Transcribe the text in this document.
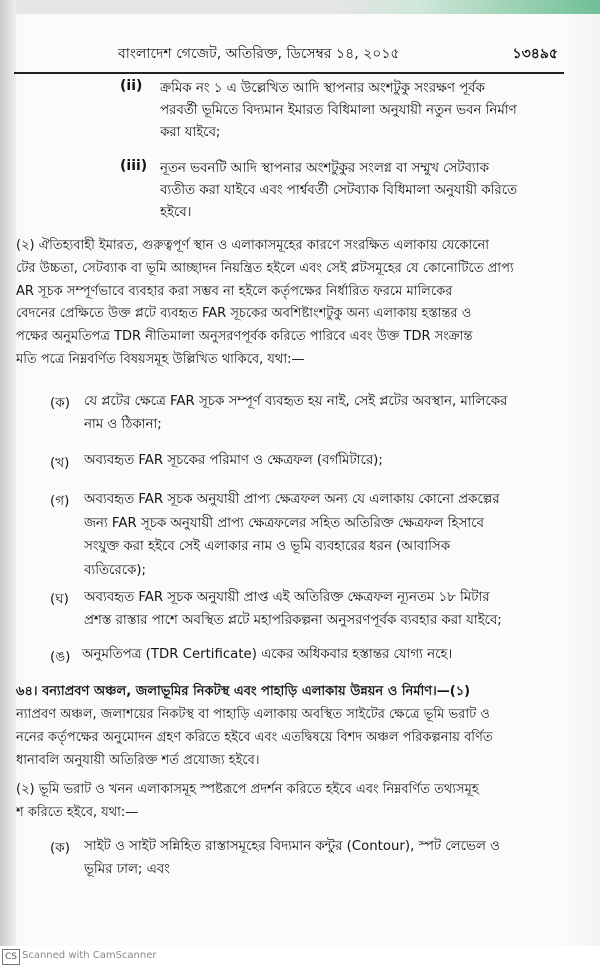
বাংলাদেশ গেজেট, অতিরিক্ত, ডিসেম্বর ১৪, ২০১৫	১৩৪৯৫
(ii) ক্রমিক নং ১ এ উল্লেখিত আদি স্থাপনার অংশটুকু সংরক্ষণ পূর্বক
পরবর্তী ভূমিতে বিদ্যমান ইমারত বিধিমালা অনুযায়ী নতুন ভবন নির্মাণ
করা যাইবে;
(iii) নূতন ভবনটি আদি স্থাপনার অংশটুকুর সংলগ্ন বা সম্মুখ সেটব্যাক
ব্যতীত করা যাইবে এবং পার্শ্ববর্তী সেটব্যাক বিধিমালা অনুযায়ী করিতে
হইবে।
(২) ঐতিহ্যবাহী ইমারত, গুরুত্বপূর্ণ স্থান ও এলাকাসমূহের কারণে সংরক্ষিত এলাকায় যেকোনো
টের উচ্চতা, সেটব্যাক বা ভূমি আচ্ছাদন নিয়ন্ত্রিত হইলে এবং সেই প্লটসমূহের যে কোনোটিতে প্রাপ্য
AR সূচক সম্পূর্ণভাবে ব্যবহার করা সম্ভব না হইলে কর্তৃপক্ষের নির্ধারিত ফরমে মালিকের
বেদনের প্রেক্ষিতে উক্ত প্লটে ব্যবহৃত FAR সূচকের অবশিষ্টাংশটুকু অন্য এলাকায় হস্তান্তর ও
পক্ষের অনুমতিপত্র TDR নীতিমালা অনুসরণপূর্বক করিতে পারিবে এবং উক্ত TDR সংক্রান্ত
মতি পত্রে নিম্নবর্ণিত বিষয়সমূহ উল্লিখিত থাকিবে, যথা:—
(ক) যে প্লটের ক্ষেত্রে FAR সূচক সম্পূর্ণ ব্যবহৃত হয় নাই, সেই প্লটের অবস্থান, মালিকের
নাম ও ঠিকানা;
(খ) অব্যবহৃত FAR সূচকের পরিমাণ ও ক্ষেত্রফল (বর্গমিটারে);
(গ) অব্যবহৃত FAR সূচক অনুযায়ী প্রাপ্য ক্ষেত্রফল অন্য যে এলাকায় কোনো প্রকল্পের
জন্য FAR সূচক অনুযায়ী প্রাপ্য ক্ষেত্রফলের সহিত অতিরিক্ত ক্ষেত্রফল হিসাবে
সংযুক্ত করা হইবে সেই এলাকার নাম ও ভূমি ব্যবহারের ধরন (আবাসিক
ব্যতিরেকে);
(ঘ) অব্যবহৃত FAR সূচক অনুযায়ী প্রাপ্ত এই অতিরিক্ত ক্ষেত্রফল ন্যূনতম ১৮ মিটার
প্রশস্ত রাস্তার পাশে অবস্থিত প্লটে মহাপরিকল্পনা অনুসরণপূর্বক ব্যবহার করা যাইবে;
(ঙ) অনুমতিপত্র (TDR Certificate) একের অধিকবার হস্তান্তর যোগ্য নহে।
৬৪। বন্যাপ্রবণ অঞ্চল, জলাভূমির নিকটস্থ এবং পাহাড়ি এলাকায় উন্নয়ন ও নির্মাণ।—(১)
ন্যাপ্রবণ অঞ্চল, জলাশয়ের নিকটস্থ বা পাহাড়ি এলাকায় অবস্থিত সাইটের ক্ষেত্রে ভূমি ভরাট ও
ননের কর্তৃপক্ষের অনুমোদন গ্রহণ করিতে হইবে এবং এতদ্বিষয়ে বিশদ অঞ্চল পরিকল্পনায় বর্ণিত
ধানাবলি অনুযায়ী অতিরিক্ত শর্ত প্রযোজ্য হইবে।
(২) ভূমি ভরাট ও খনন এলাকাসমূহ স্পষ্টরূপে প্রদর্শন করিতে হইবে এবং নিম্নবর্ণিত তথ্যসমূহ
শ করিতে হইবে, যথা:—
(ক) সাইট ও সাইট সন্নিহিত রাস্তাসমূহের বিদ্যমান কন্টুর (Contour), স্পট লেভেল ও
ভূমির ঢাল; এবং
CS Scanned with CamScanner
